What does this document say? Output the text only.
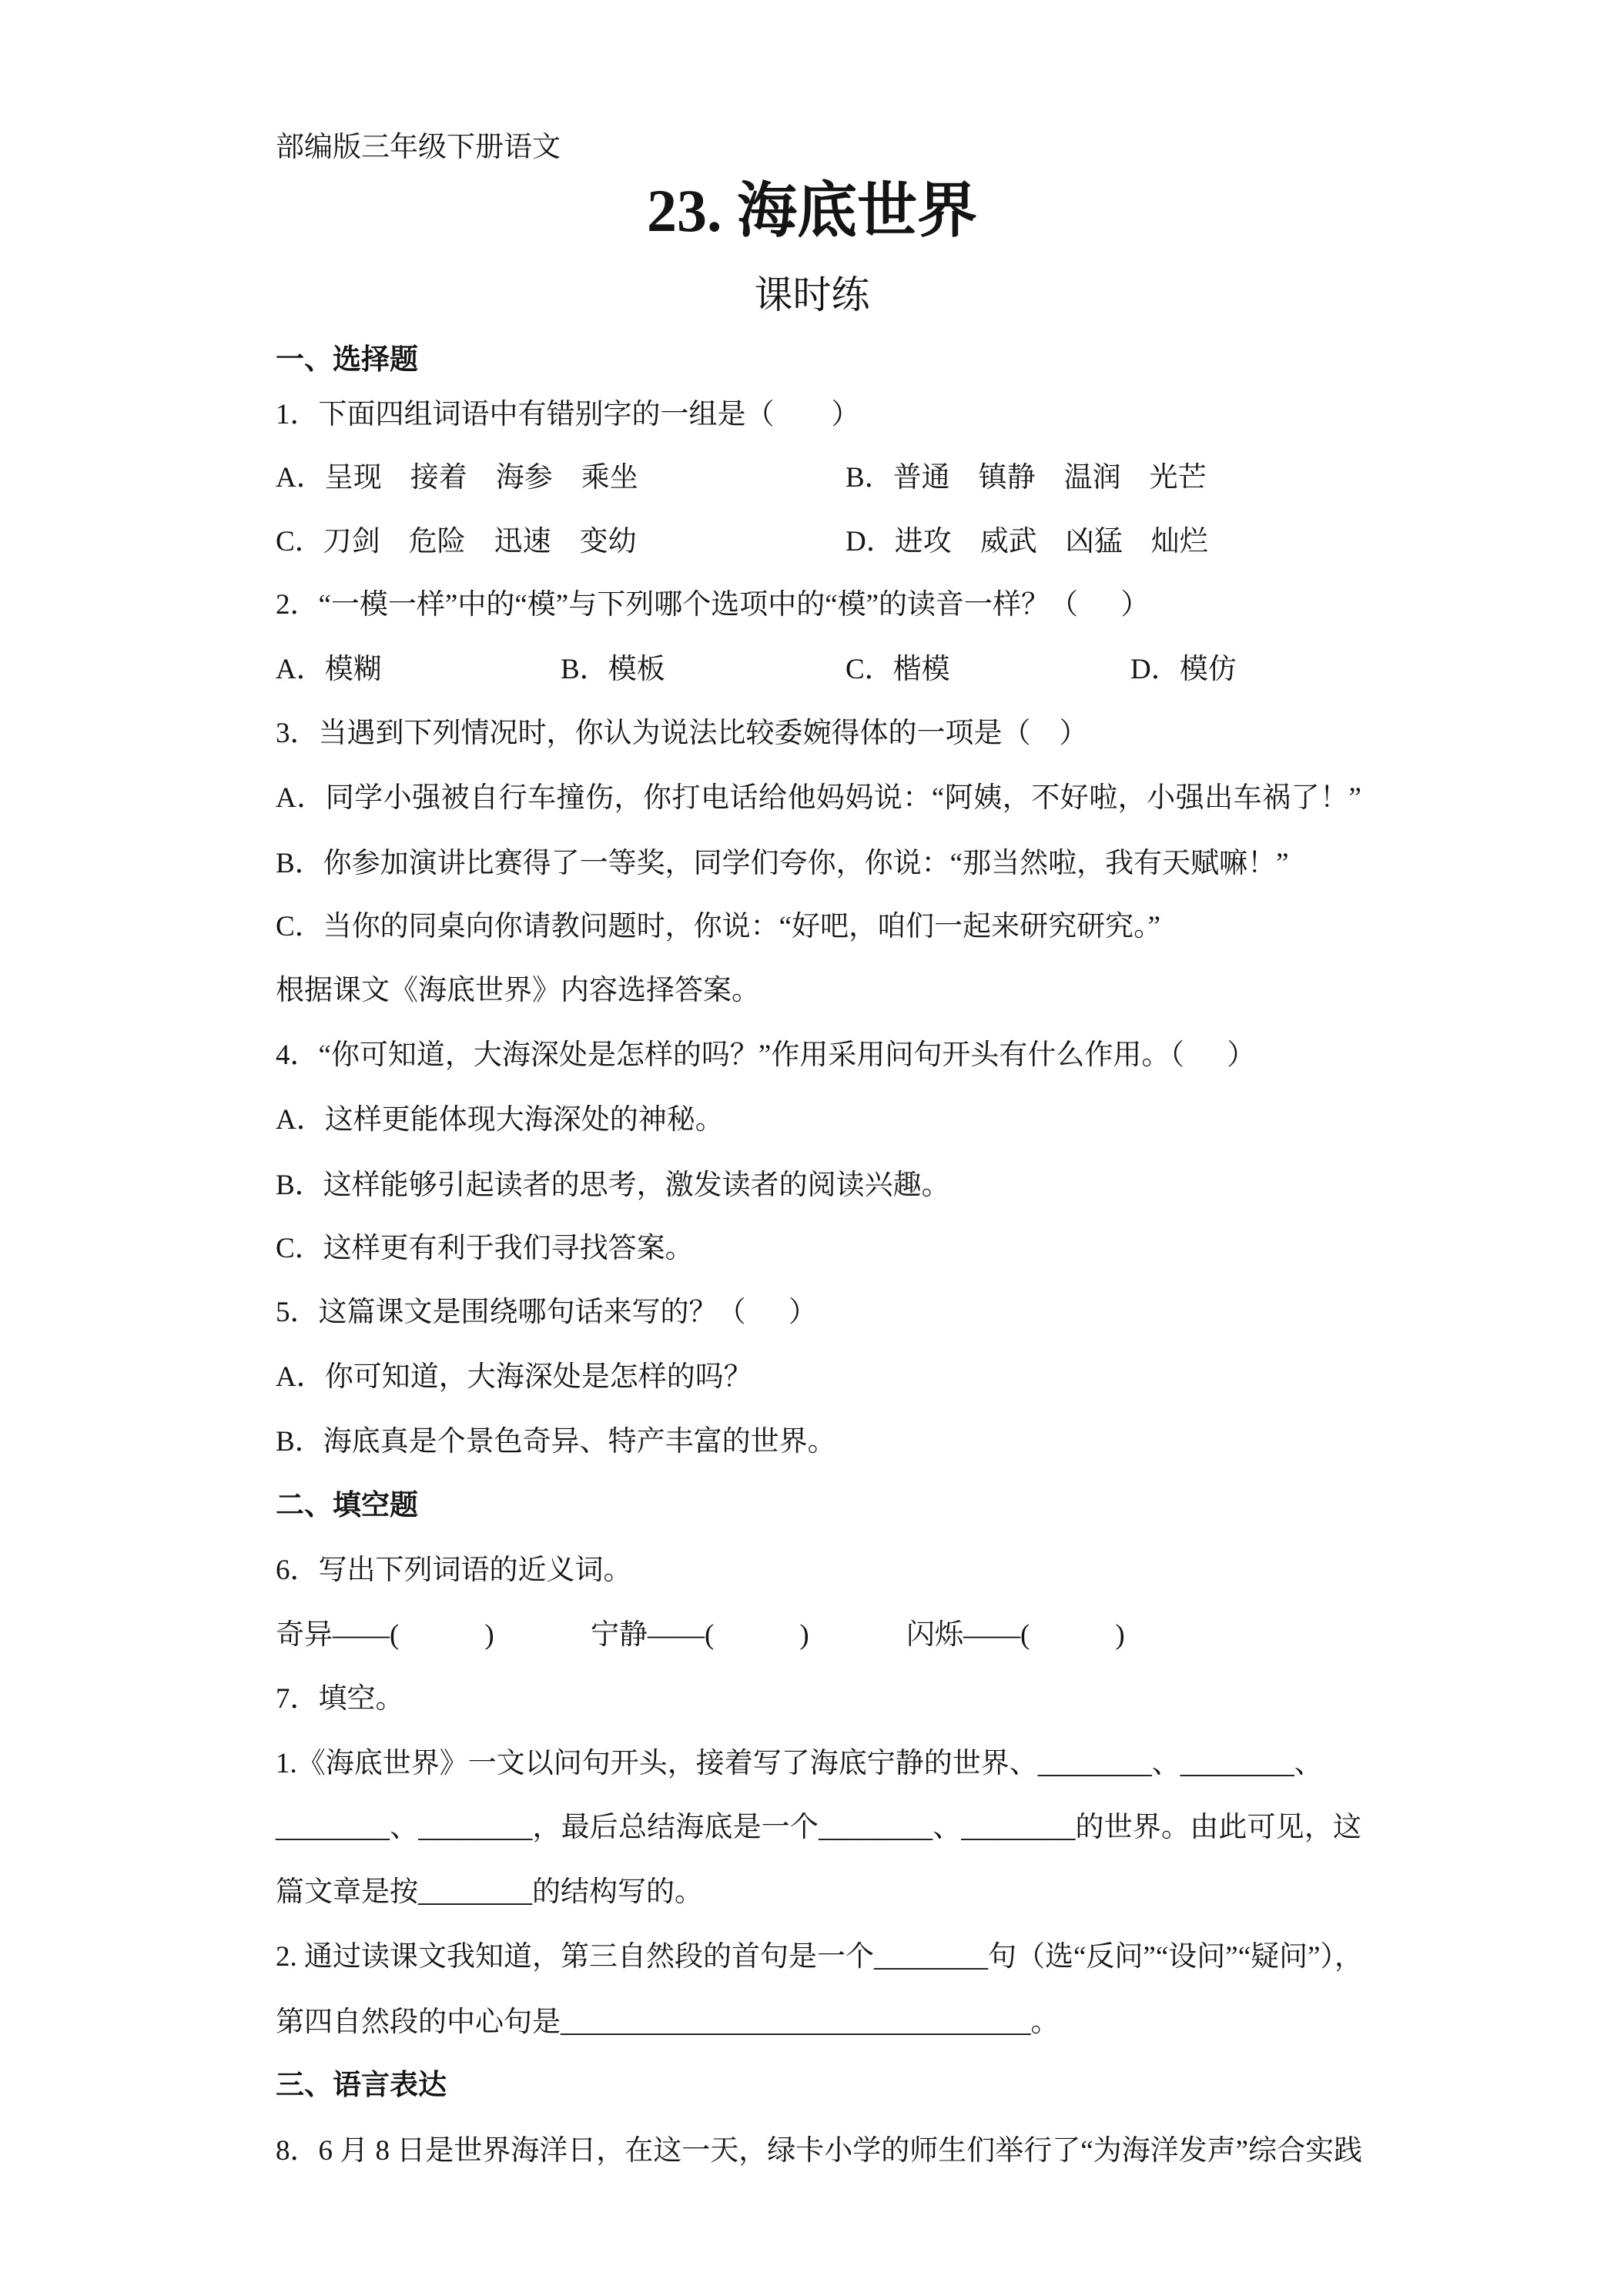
部编版三年级下册语文
23. 海底世界
课时练
一、选择题
1．下面四组词语中有错别字的一组是（        ）
A．呈现　接着　海参　乘坐	B．普通　镇静　温润　光芒
C．刀剑　危险　迅速　变幼	D．进攻　威武　凶猛　灿烂
2．“一模一样”中的“模”与下列哪个选项中的“模”的读音一样？（      ）
A．模糊	B．模板	C．楷模	D．模仿
3．当遇到下列情况时，你认为说法比较委婉得体的一项是（    ）
A．同学小强被自行车撞伤，你打电话给他妈妈说：“阿姨，不好啦，小强出车祸了！”
B．你参加演讲比赛得了一等奖，同学们夸你，你说：“那当然啦，我有天赋嘛！”
C．当你的同桌向你请教问题时，你说：“好吧，咱们一起来研究研究。”
根据课文《海底世界》内容选择答案。
4．“你可知道，大海深处是怎样的吗？”作用采用问句开头有什么作用。（      ）
A．这样更能体现大海深处的神秘。
B．这样能够引起读者的思考，激发读者的阅读兴趣。
C．这样更有利于我们寻找答案。
5．这篇课文是围绕哪句话来写的？（      ）
A．你可知道，大海深处是怎样的吗？
B．海底真是个景色奇异、特产丰富的世界。
二、填空题
6．写出下列词语的近义词。
奇异——(            )	宁静——(            )	闪烁——(            )
7．填空。
1.《海底世界》一文以问句开头，接着写了海底宁静的世界、________、________、
________、________，最后总结海底是一个________、________的世界。由此可见，这
篇文章是按________的结构写的。
2. 通过读课文我知道，第三自然段的首句是一个________句（选“反问”“设问”“疑问”），
第四自然段的中心句是_________________________________。
三、语言表达
8．6 月 8 日是世界海洋日，在这一天，绿卡小学的师生们举行了“为海洋发声”综合实践
